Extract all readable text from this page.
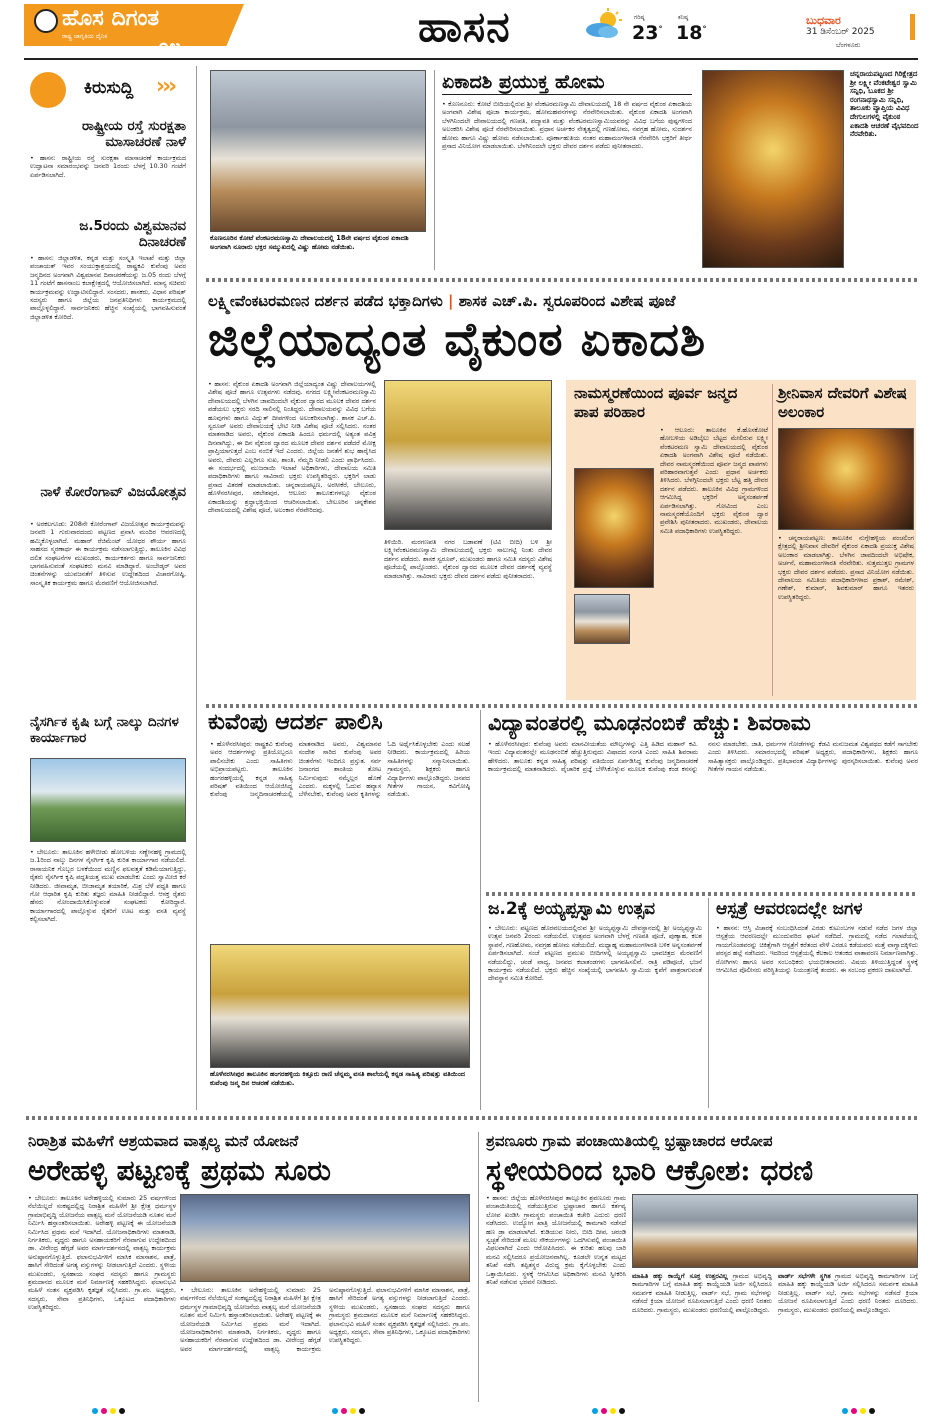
ಹೊಸ ದಿಗಂತ
ರಾಷ್ಟ್ರ ಜಾಗೃತಿಯ ದೈನಿಕ	೦೪	ಹಾಸನ	ಗರಿಷ್ಠ
23°
ಕನಿಷ್ಠ
18°
ಬುಧವಾರ
31 ಡಿಸೆಂಬರ್ 2025
ಬೆಂಗಳೂರು
ಕಿರುಸುದ್ದಿ ›››
ರಾಷ್ಟ್ರೀಯ ರಸ್ತೆ ಸುರಕ್ಷತಾ ಮಾಸಾಚರಣೆ ನಾಳೆ
• ಹಾಸನ: ರಾಷ್ಟ್ರೀಯ ರಸ್ತೆ ಸುರಕ್ಷತಾ ಮಾಸಾಚರಣೆ ಕಾರ್ಯಕ್ರಮದ ಉದ್ಘಾಟನಾ ಸಮಾರಂಭವನ್ನು ಜನವರಿ 1ರಂದು ಬೆಳಗ್ಗೆ 10.30 ಗಂಟೆಗೆ ಏರ್ಪಡಿಸಲಾಗಿದೆ.
ಜ.5ರಂದು ವಿಶ್ವಮಾನವ ದಿನಾಚರಣೆ
• ಹಾಸನ: ಜಿಲ್ಲಾಡಳಿತ, ಕನ್ನಡ ಮತ್ತು ಸಂಸ್ಕೃತಿ ಇಲಾಖೆ ಮತ್ತು ಜಿಲ್ಲಾ ಪಂಚಾಯತ್ ಇವರ ಸಂಯುಕ್ತಾಶ್ರಯದಲ್ಲಿ ರಾಷ್ಟ್ರಕವಿ ಕುವೆಂಪು ಅವರ ಜನ್ಮದಿನದ ಅಂಗವಾಗಿ ವಿಶ್ವಮಾನವ ದಿನಾಚರಣೆಯನ್ನು ಜ.05 ರಂದು ಬೆಳಗ್ಗೆ 11 ಗಂಟೆಗೆ ಹಾಸನಾಂಬ ಕಲಾಕ್ಷೇತ್ರದಲ್ಲಿ ಆಯೋಜಿಸಲಾಗಿದೆ. ಮಾನ್ಯ ಸಚಿವರು ಕಾರ್ಯಕ್ರಮವನ್ನು ಉದ್ಘಾಟಿಸಲಿದ್ದಾರೆ. ಸಂಸದರು, ಶಾಸಕರು, ವಿಧಾನ ಪರಿಷತ್ ಸದಸ್ಯರು ಹಾಗೂ ಜಿಲ್ಲೆಯ ಜನಪ್ರತಿನಿಧಿಗಳು ಕಾರ್ಯಕ್ರಮದಲ್ಲಿ ಪಾಲ್ಗೊಳ್ಳಲಿದ್ದಾರೆ. ಸಾರ್ವಜನಿಕರು ಹೆಚ್ಚಿನ ಸಂಖ್ಯೆಯಲ್ಲಿ ಭಾಗವಹಿಸುವಂತೆ ಜಿಲ್ಲಾಡಳಿತ ಕೋರಿದೆ.
ನಾಳೆ ಕೋರೆಂಗಾವ್ ವಿಜಯೋತ್ಸವ
• ಅರಕಲಗೂಡು: 208ನೇ ಕೋರೆಂಗಾವ್ ವಿಜಯೋತ್ಸವ ಕಾರ್ಯಕ್ರಮವನ್ನು ಜನವರಿ 1 ಗುರುವಾರದಂದು ಪಟ್ಟಣದ ಪ್ರವಾಸಿ ಮಂದಿರ ಆವರಣದಲ್ಲಿ ಹಮ್ಮಿಕೊಳ್ಳಲಾಗಿದೆ. ಮಹಾರ್ ರೆಜಿಮೆಂಟ್ ಯೋಧರ ಶೌರ್ಯ ಹಾಗೂ ಸಾಹಸದ ಸ್ಮರಣಾರ್ಥ ಈ ಕಾರ್ಯಕ್ರಮ ನಡೆಸಲಾಗುತ್ತಿದ್ದು, ತಾಲೂಕಿನ ವಿವಿಧ ದಲಿತ ಸಂಘಟನೆಗಳ ಮುಖಂಡರು, ಕಾರ್ಯಕರ್ತರು ಹಾಗೂ ಸಾರ್ವಜನಿಕರು ಭಾಗವಹಿಸುವಂತೆ ಸಂಘಟಕರು ಮನವಿ ಮಾಡಿದ್ದಾರೆ. ಅಂಬೇಡ್ಕರ್ ಅವರ ಚಿಂತನೆಗಳನ್ನು ಯುವಜನತೆಗೆ ತಿಳಿಸುವ ಉದ್ದೇಶದಿಂದ ವಿಚಾರಗೋಷ್ಠಿ, ಸಾಂಸ್ಕೃತಿಕ ಕಾರ್ಯಕ್ರಮ ಹಾಗೂ ಮೆರವಣಿಗೆ ಆಯೋಜಿಸಲಾಗಿದೆ.
ನೈಸರ್ಗಿಕ ಕೃಷಿ ಬಗ್ಗೆ ನಾಲ್ಕು ದಿನಗಳ ಕಾರ್ಯಾಗಾರ
• ಬೇಲೂರು: ತಾಲೂಕಿನ ಹಳೇಬೀಡು ಹೋಬಳಿಯ ಸಣ್ಣೇನಹಳ್ಳಿ ಗ್ರಾಮದಲ್ಲಿ ಜ.1ರಿಂದ ನಾಲ್ಕು ದಿನಗಳ ನೈಸರ್ಗಿಕ ಕೃಷಿ ಕುರಿತ ಕಾರ್ಯಾಗಾರ ನಡೆಯಲಿದೆ. ರಾಸಾಯನಿಕ ಗೊಬ್ಬರ ಬಳಕೆಯಿಂದ ಮಣ್ಣಿನ ಫಲವತ್ತತೆ ಕಡಿಮೆಯಾಗುತ್ತಿದ್ದು, ರೈತರು ನೈಸರ್ಗಿಕ ಕೃಷಿ ಪದ್ಧತಿಯತ್ತ ಮುಖ ಮಾಡಬೇಕು ಎಂದು ಸ್ವಾಮೀಜಿ ಕರೆ ನೀಡಿದರು. ಜೀವಾಮೃತ, ಬೀಜಾಮೃತ ತಯಾರಿಕೆ, ಮಿಶ್ರ ಬೆಳೆ ಪದ್ಧತಿ ಹಾಗೂ ಗೋ ಆಧಾರಿತ ಕೃಷಿ ಕುರಿತು ತಜ್ಞರು ಮಾಹಿತಿ ನೀಡಲಿದ್ದಾರೆ. ಆಸಕ್ತ ರೈತರು ಹೆಸರು ನೋಂದಾಯಿಸಿಕೊಳ್ಳುವಂತೆ ಸಂಘಟಕರು ಕೋರಿದ್ದಾರೆ. ಕಾರ್ಯಾಗಾರದಲ್ಲಿ ಪಾಲ್ಗೊಳ್ಳುವ ರೈತರಿಗೆ ಊಟ ಮತ್ತು ವಸತಿ ವ್ಯವಸ್ಥೆ ಕಲ್ಪಿಸಲಾಗಿದೆ.
ಕೊಣನೂರಿನ ಕೋಟೆ ವೆಂಕಟರಮಣಸ್ವಾಮಿ ದೇವಾಲಯದಲ್ಲಿ 18ನೇ ವರ್ಷದ ವೈಕುಂಠ ಏಕಾದಶಿ ಅಂಗವಾಗಿ ನೂರಾರು ಭಕ್ತರ ಸಮ್ಮುಖದಲ್ಲಿ ವಿಷ್ಣು ಹೋಮ ನಡೆಯಿತು.
ಏಕಾದಶಿ ಪ್ರಯುಕ್ತ ಹೋಮ
• ಕೊಣನೂರು: ಕೋಟೆ ಬೀದಿಯಲ್ಲಿರುವ ಶ್ರೀ ವೆಂಕಟರಮಣಸ್ವಾಮಿ ದೇವಾಲಯದಲ್ಲಿ 18 ನೇ ವರ್ಷದ ವೈಕುಂಠ ಏಕಾದಶಿಯ ಅಂಗವಾಗಿ ವಿಶೇಷ ಪೂಜಾ ಕಾರ್ಯಕ್ರಮ, ಹೋಮಹವನಗಳನ್ನು ನೆರವೇರಿಸಲಾಯಿತು. ವೈಕುಂಠ ಏಕಾದಶಿ ಅಂಗವಾಗಿ ಬೆಳಗಿನಿಂದಲೇ ದೇವಾಲಯದಲ್ಲಿ ಗಣಪತಿ, ಪದ್ಮಾವತಿ ಮತ್ತು ವೆಂಕಟರಮಣಸ್ವಾಮಿಯವರನ್ನು ವಿವಿಧ ಬಗೆಯ ಪುಷ್ಪಗಳಿಂದ ಅಲಂಕರಿಸಿ ವಿಶೇಷ ಪೂಜೆ ನೆರವೇರಿಸಲಾಯಿತು. ಪ್ರಧಾನ ಅರ್ಚಕರ ನೇತೃತ್ವದಲ್ಲಿ ಗಣಹೋಮ, ನವಗ್ರಹ ಹೋಮ, ಸುದರ್ಶನ ಹೋಮ ಹಾಗೂ ವಿಷ್ಣು ಹೋಮ ನಡೆಸಲಾಯಿತು. ಪೂರ್ಣಾಹುತಿಯ ನಂತರ ಮಹಾಮಂಗಳಾರತಿ ನೆರವೇರಿಸಿ ಭಕ್ತರಿಗೆ ತೀರ್ಥ ಪ್ರಸಾದ ವಿನಿಯೋಗ ಮಾಡಲಾಯಿತು. ಬೆಳಗಿನಿಂದಲೇ ಭಕ್ತರು ದೇವರ ದರ್ಶನ ಪಡೆದು ಪುನೀತರಾದರು.
ಚನ್ನರಾಯಪಟ್ಟಣದ ಗಿರಿಕ್ಷೇತ್ರದ ಶ್ರೀ ಲಕ್ಷ್ಮೀ ವೆಂಕಟೇಶ್ವರ ಸ್ವಾಮಿ ಸನ್ನಿಧಿ, ಬೂಕದ ಶ್ರೀ ರಂಗನಾಥಸ್ವಾಮಿ ಸನ್ನಿಧಿ, ತಾಲೂಕು ವ್ಯಾಪ್ತಿಯ ವಿವಿಧ ದೇಗುಲಗಳಲ್ಲಿ ವೈಕುಂಠ ಏಕಾದಶಿ ಆಚರಣೆ ವೈಭವದಿಂದ ನೆರವೇರಿತು.
ಲಕ್ಷ್ಮೀವೆಂಕಟರಮಣನ ದರ್ಶನ ಪಡೆದ ಭಕ್ತಾದಿಗಳು | ಶಾಸಕ ಎಚ್.ಪಿ. ಸ್ವರೂಪರಿಂದ ವಿಶೇಷ ಪೂಜೆ
ಜಿಲ್ಲೆಯಾದ್ಯಂತ ವೈಕುಂಠ ಏಕಾದಶಿ
• ಹಾಸನ: ವೈಕುಂಠ ಏಕಾದಶಿ ಅಂಗವಾಗಿ ಜಿಲ್ಲೆಯಾದ್ಯಂತ ವಿಷ್ಣು ದೇವಾಲಯಗಳಲ್ಲಿ ವಿಶೇಷ ಪೂಜೆ ಹಾಗೂ ಉತ್ಸವಗಳು ನಡೆದವು. ನಗರದ ಲಕ್ಷ್ಮೀವೆಂಕಟರಮಣಸ್ವಾಮಿ ದೇವಾಲಯದಲ್ಲಿ ಬೆಳಗಿನ ಜಾವದಿಂದಲೇ ವೈಕುಂಠ ದ್ವಾರದ ಮೂಲಕ ದೇವರ ದರ್ಶನ ಪಡೆಯಲು ಭಕ್ತರು ಸರದಿ ಸಾಲಿನಲ್ಲಿ ನಿಂತಿದ್ದರು. ದೇವಾಲಯವನ್ನು ವಿವಿಧ ಬಗೆಯ ಹೂವುಗಳು ಹಾಗೂ ವಿದ್ಯುತ್ ದೀಪಗಳಿಂದ ಅಲಂಕರಿಸಲಾಗಿತ್ತು. ಶಾಸಕ ಎಚ್.ಪಿ. ಸ್ವರೂಪ್ ಅವರು ದೇವಾಲಯಕ್ಕೆ ಭೇಟಿ ನೀಡಿ ವಿಶೇಷ ಪೂಜೆ ಸಲ್ಲಿಸಿದರು. ನಂತರ ಮಾತನಾಡಿದ ಅವರು, ವೈಕುಂಠ ಏಕಾದಶಿ ಹಿಂದೂ ಧರ್ಮದಲ್ಲಿ ಅತ್ಯಂತ ಪವಿತ್ರ ದಿನವಾಗಿದ್ದು, ಈ ದಿನ ವೈಕುಂಠ ದ್ವಾರದ ಮೂಲಕ ದೇವರ ದರ್ಶನ ಪಡೆದರೆ ಮೋಕ್ಷ ಪ್ರಾಪ್ತಿಯಾಗುತ್ತದೆ ಎಂಬ ನಂಬಿಕೆ ಇದೆ ಎಂದರು. ಜಿಲ್ಲೆಯ ಜನತೆಗೆ ಶುಭ ಹಾರೈಸಿದ ಅವರು, ದೇವರು ಎಲ್ಲರಿಗೂ ಸುಖ, ಶಾಂತಿ, ನೆಮ್ಮದಿ ನೀಡಲಿ ಎಂದು ಪ್ರಾರ್ಥಿಸಿದರು. ಈ ಸಂದರ್ಭದಲ್ಲಿ ಮುಜರಾಯಿ ಇಲಾಖೆ ಅಧಿಕಾರಿಗಳು, ದೇವಾಲಯ ಸಮಿತಿ ಪದಾಧಿಕಾರಿಗಳು ಹಾಗೂ ಸಾವಿರಾರು ಭಕ್ತರು ಉಪಸ್ಥಿತರಿದ್ದರು. ಭಕ್ತರಿಗೆ ಲಾಡು ಪ್ರಸಾದ ವಿತರಣೆ ಮಾಡಲಾಯಿತು. ಚನ್ನರಾಯಪಟ್ಟಣ, ಅರಸೀಕೆರೆ, ಬೇಲೂರು, ಹೊಳೆನರಸೀಪುರ, ಸಕಲೇಶಪುರ, ಆಲೂರು ತಾಲೂಕುಗಳಲ್ಲೂ ವೈಕುಂಠ ಏಕಾದಶಿಯನ್ನು ಶ್ರದ್ಧಾಭಕ್ತಿಯಿಂದ ಆಚರಿಸಲಾಯಿತು. ಬೇಲೂರಿನ ಚನ್ನಕೇಶವ ದೇವಾಲಯದಲ್ಲಿ ವಿಶೇಷ ಪೂಜೆ, ಅಲಂಕಾರ ನೆರವೇರಿದವು.
ತಿಳಿಯಿರಿ. ಮರಗಣಪತಿ ನಗರ ಬಡಾವಣೆ (ಟಿವಿ ಬೀದಿ) ಬಳಿ ಶ್ರೀ ಲಕ್ಷ್ಮೀವೆಂಕಟರಮಣಸ್ವಾಮಿ ದೇವಾಲಯದಲ್ಲಿ ಭಕ್ತರು ಸಾಲುಗಟ್ಟಿ ನಿಂತು ದೇವರ ದರ್ಶನ ಪಡೆದರು. ಶಾಸಕ ಸ್ವರೂಪ್, ಮುಖಂಡರು ಹಾಗೂ ಸಮಿತಿ ಸದಸ್ಯರು ವಿಶೇಷ ಪೂಜೆಯಲ್ಲಿ ಪಾಲ್ಗೊಂಡರು. ವೈಕುಂಠ ದ್ವಾರದ ಮೂಲಕ ದೇವರ ದರ್ಶನಕ್ಕೆ ವ್ಯವಸ್ಥೆ ಮಾಡಲಾಗಿತ್ತು. ಸಾವಿರಾರು ಭಕ್ತರು ದೇವರ ದರ್ಶನ ಪಡೆದು ಪುನೀತರಾದರು.
ನಾಮಸ್ಮರಣೆಯಿಂದ ಪೂರ್ವ ಜನ್ಮದ ಪಾಪ ಪರಿಹಾರ
• ಆಲೂರು: ತಾಲೂಕಿನ ಕೆ.ಹೊಸಕೋಟೆ ಹೋಬಳಿಯ ಅಡಿಬೈಲು ಬೆಟ್ಟದ ಮೇಲಿರುವ ಲಕ್ಷ್ಮೀ ವೆಂಕಟರಮಣ ಸ್ವಾಮಿ ದೇವಾಲಯದಲ್ಲಿ ವೈಕುಂಠ ಏಕಾದಶಿ ಅಂಗವಾಗಿ ವಿಶೇಷ ಪೂಜೆ ನಡೆಯಿತು. ದೇವರ ನಾಮಸ್ಮರಣೆಯಿಂದ ಪೂರ್ವ ಜನ್ಮದ ಪಾಪಗಳು ಪರಿಹಾರವಾಗುತ್ತವೆ ಎಂದು ಪ್ರಧಾನ ಅರ್ಚಕರು ತಿಳಿಸಿದರು. ಬೆಳಗ್ಗಿನಿಂದಲೇ ಭಕ್ತರು ಬೆಟ್ಟ ಹತ್ತಿ ದೇವರ ದರ್ಶನ ಪಡೆದರು. ತಾಲೂಕಿನ ವಿವಿಧ ಗ್ರಾಮಗಳಿಂದ ಆಗಮಿಸಿದ್ದ ಭಕ್ತರಿಗೆ ಅನ್ನಸಂತರ್ಪಣೆ ಏರ್ಪಡಿಸಲಾಗಿತ್ತು. ಗೋವಿಂದ ಎಂಬ ನಾಮಸ್ಮರಣೆಯೊಂದಿಗೆ ಭಕ್ತರು ವೈಕುಂಠ ದ್ವಾರ ಪ್ರವೇಶಿಸಿ ಪುನೀತರಾದರು. ಮುಖಂಡರು, ದೇವಾಲಯ ಸಮಿತಿ ಪದಾಧಿಕಾರಿಗಳು ಉಪಸ್ಥಿತರಿದ್ದರು.
ಶ್ರೀನಿವಾಸ ದೇವರಿಗೆ ವಿಶೇಷ ಅಲಂಕಾರ
• ಚನ್ನರಾಯಪಟ್ಟಣ: ತಾಲೂಕಿನ ನುಗ್ಗೇಹಳ್ಳಿಯ ಪಂಚಲಿಂಗ ಕ್ಷೇತ್ರದಲ್ಲಿ ಶ್ರೀನಿವಾಸ ದೇವರಿಗೆ ವೈಕುಂಠ ಏಕಾದಶಿ ಪ್ರಯುಕ್ತ ವಿಶೇಷ ಅಲಂಕಾರ ಮಾಡಲಾಗಿತ್ತು. ಬೆಳಗಿನ ಜಾವದಿಂದಲೇ ಅಭಿಷೇಕ, ಅರ್ಚನೆ, ಮಹಾಮಂಗಳಾರತಿ ನೆರವೇರಿತು. ಸುತ್ತಮುತ್ತಲ ಗ್ರಾಮಗಳ ಭಕ್ತರು ದೇವರ ದರ್ಶನ ಪಡೆದರು. ಪ್ರಸಾದ ವಿನಿಯೋಗ ನಡೆಯಿತು. ದೇವಾಲಯ ಸಮಿತಿಯ ಪದಾಧಿಕಾರಿಗಳಾದ ಪ್ರಕಾಶ್, ರಮೇಶ್, ಗಣೇಶ್, ಕುಮಾರ್, ಶಿವಕುಮಾರ್ ಹಾಗೂ ಇತರರು ಉಪಸ್ಥಿತರಿದ್ದರು.
ಕುವೆಂಪು ಆದರ್ಶ ಪಾಲಿಸಿ
• ಹೊಳೆನರಸೀಪುರ: ರಾಷ್ಟ್ರಕವಿ ಕುವೆಂಪು ಅವರ ಆದರ್ಶಗಳನ್ನು ಪ್ರತಿಯೊಬ್ಬರೂ ಪಾಲಿಸಬೇಕು ಎಂದು ಸಾಹಿತಿಗಳು ಅಭಿಪ್ರಾಯಪಟ್ಟರು. ತಾಲೂಕಿನ ಹಂಗರಹಳ್ಳಿಯಲ್ಲಿ ಕನ್ನಡ ಸಾಹಿತ್ಯ ಪರಿಷತ್ ವತಿಯಿಂದ ಆಯೋಜಿಸಿದ್ದ ಕುವೆಂಪು ಜನ್ಮದಿನಾಚರಣೆಯಲ್ಲಿ ಮಾತನಾಡಿದ ಅವರು, ವಿಶ್ವಮಾನವ ಸಂದೇಶ ಸಾರಿದ ಕುವೆಂಪು ಅವರ ಚಿಂತನೆಗಳು ಇಂದಿಗೂ ಪ್ರಸ್ತುತ. ಸರ್ವ ಜನಾಂಗದ ಶಾಂತಿಯ ತೋಟ ನಿರ್ಮಿಸುವುದು ನಮ್ಮೆಲ್ಲರ ಹೊಣೆ ಎಂದರು. ಮಕ್ಕಳಲ್ಲಿ ಓದುವ ಹವ್ಯಾಸ ಬೆಳೆಸಬೇಕು, ಕುವೆಂಪು ಅವರ ಕೃತಿಗಳನ್ನು ಓದಿ ಅರ್ಥೈಸಿಕೊಳ್ಳಬೇಕು ಎಂದು ಸಲಹೆ ನೀಡಿದರು. ಕಾರ್ಯಕ್ರಮದಲ್ಲಿ ಹಿರಿಯ ಸಾಹಿತಿಗಳನ್ನು ಸನ್ಮಾನಿಸಲಾಯಿತು. ಗ್ರಾಮಸ್ಥರು, ಶಿಕ್ಷಕರು ಹಾಗೂ ವಿದ್ಯಾರ್ಥಿಗಳು ಪಾಲ್ಗೊಂಡಿದ್ದರು. ಜನಪದ ಗೀತೆಗಳ ಗಾಯನ, ಕವಿಗೋಷ್ಠಿ ನಡೆಯಿತು.
ಹೊಳೆನರಸೀಪುರ ತಾಲೂಕಿನ ಹಂಗರಹಳ್ಳಿಯ ಕಿತ್ತೂರು ರಾಣಿ ಚೆನ್ನಮ್ಮ ವಸತಿ ಶಾಲೆಯಲ್ಲಿ ಕನ್ನಡ ಸಾಹಿತ್ಯ ಪರಿಷತ್ತು ವತಿಯಿಂದ ಕುವೆಂಪು ಜನ್ಮ ದಿನ ಆಚರಣೆ ನಡೆಯಿತು.
ವಿದ್ಯಾವಂತರಲ್ಲಿ ಮೂಢನಂಬಿಕೆ ಹೆಚ್ಚು: ಶಿವರಾಮ
• ಹೊಳೆನರಸೀಪುರ: ಕುವೆಂಪು ಅವರು ಮಾನವೀಯತೆಯ ಮೌಲ್ಯಗಳನ್ನು ಎತ್ತಿ ಹಿಡಿದ ಮಹಾನ್ ಕವಿ. ಇಂದು ವಿದ್ಯಾವಂತರಲ್ಲೇ ಮೂಢನಂಬಿಕೆ ಹೆಚ್ಚುತ್ತಿರುವುದು ವಿಷಾದದ ಸಂಗತಿ ಎಂದು ಸಾಹಿತಿ ಶಿವರಾಮ ಹೇಳಿದರು. ತಾಲೂಕು ಕನ್ನಡ ಸಾಹಿತ್ಯ ಪರಿಷತ್ತು ವತಿಯಿಂದ ಏರ್ಪಡಿಸಿದ್ದ ಕುವೆಂಪು ಜನ್ಮದಿನಾಚರಣೆ ಕಾರ್ಯಕ್ರಮದಲ್ಲಿ ಮಾತನಾಡಿದರು. ವೈಚಾರಿಕ ಪ್ರಜ್ಞೆ ಬೆಳೆಸಿಕೊಳ್ಳುವ ಮೂಲಕ ಕುವೆಂಪು ಕಂಡ ಕನಸನ್ನು ನನಸು ಮಾಡಬೇಕು. ಜಾತಿ, ಧರ್ಮಗಳ ಗೋಡೆಗಳನ್ನು ಕೆಡವಿ ಮನುಜಮತ ವಿಶ್ವಪಥದ ಕಡೆಗೆ ಸಾಗಬೇಕು ಎಂದು ತಿಳಿಸಿದರು. ಸಮಾರಂಭದಲ್ಲಿ ಪರಿಷತ್ ಅಧ್ಯಕ್ಷರು, ಪದಾಧಿಕಾರಿಗಳು, ಶಿಕ್ಷಕರು ಹಾಗೂ ಸಾಹಿತ್ಯಾಸಕ್ತರು ಪಾಲ್ಗೊಂಡಿದ್ದರು. ಪ್ರತಿಭಾವಂತ ವಿದ್ಯಾರ್ಥಿಗಳನ್ನು ಪುರಸ್ಕರಿಸಲಾಯಿತು. ಕುವೆಂಪು ಅವರ ಗೀತೆಗಳ ಗಾಯನ ನಡೆಯಿತು.
ಜ.2ಕ್ಕೆ ಅಯ್ಯಪ್ಪಸ್ವಾಮಿ ಉತ್ಸವ
• ಬೇಲೂರು: ಪಟ್ಟಣದ ಹೊರವಲಯದಲ್ಲಿರುವ ಶ್ರೀ ಅಯ್ಯಪ್ಪಸ್ವಾಮಿ ದೇವಸ್ಥಾನದಲ್ಲಿ ಶ್ರೀ ಅಯ್ಯಪ್ಪಸ್ವಾಮಿ ಉತ್ಸವ ಜನವರಿ 2ರಂದು ನಡೆಯಲಿದೆ. ಉತ್ಸವದ ಅಂಗವಾಗಿ ಬೆಳಗ್ಗೆ ಗಣಪತಿ ಪೂಜೆ, ಪುಣ್ಯಾಹ, ಕಲಶ ಸ್ಥಾಪನೆ, ಗಣಹೋಮ, ನವಗ್ರಹ ಹೋಮ ನಡೆಯಲಿದೆ. ಮಧ್ಯಾಹ್ನ ಮಹಾಮಂಗಳಾರತಿ ಬಳಿಕ ಅನ್ನಸಂತರ್ಪಣೆ ಏರ್ಪಡಿಸಲಾಗಿದೆ. ಸಂಜೆ ಪಟ್ಟಣದ ಪ್ರಮುಖ ಬೀದಿಗಳಲ್ಲಿ ಅಯ್ಯಪ್ಪಸ್ವಾಮಿ ಭಾವಚಿತ್ರದ ಮೆರವಣಿಗೆ ನಡೆಯಲಿದ್ದು, ಚಂಡೆ ವಾದ್ಯ, ಜನಪದ ಕಲಾತಂಡಗಳು ಭಾಗವಹಿಸಲಿವೆ. ರಾತ್ರಿ ಪಡಿಪೂಜೆ, ಭಜನೆ ಕಾರ್ಯಕ್ರಮ ನಡೆಯಲಿದೆ. ಭಕ್ತರು ಹೆಚ್ಚಿನ ಸಂಖ್ಯೆಯಲ್ಲಿ ಭಾಗವಹಿಸಿ ಸ್ವಾಮಿಯ ಕೃಪೆಗೆ ಪಾತ್ರರಾಗುವಂತೆ ದೇವಸ್ಥಾನ ಸಮಿತಿ ಕೋರಿದೆ.
ಆಸ್ಪತ್ರೆ ಆವರಣದಲ್ಲೇ ಜಗಳ
• ಹಾಸನ: ಆಸ್ತಿ ವಿಚಾರಕ್ಕೆ ಸಂಬಂಧಿಸಿದಂತೆ ಎರಡು ಕುಟುಂಬಗಳ ನಡುವೆ ನಡೆದ ಜಗಳ ಜಿಲ್ಲಾ ಆಸ್ಪತ್ರೆಯ ಆವರಣದಲ್ಲೇ ಮುಂದುವರಿದ ಘಟನೆ ನಡೆದಿದೆ. ಗ್ರಾಮದಲ್ಲಿ ನಡೆದ ಗಲಾಟೆಯಲ್ಲಿ ಗಾಯಗೊಂಡವರನ್ನು ಚಿಕಿತ್ಸೆಗಾಗಿ ಆಸ್ಪತ್ರೆಗೆ ಕರೆತಂದ ವೇಳೆ ಎರಡೂ ಕಡೆಯವರು ಮತ್ತೆ ವಾಗ್ವಾದಕ್ಕಿಳಿದು ಪರಸ್ಪರ ಹಲ್ಲೆ ನಡೆಸಿದರು. ಇದರಿಂದ ಆಸ್ಪತ್ರೆಯಲ್ಲಿ ಕೆಲಕಾಲ ಆತಂಕದ ವಾತಾವರಣ ನಿರ್ಮಾಣವಾಗಿತ್ತು. ರೋಗಿಗಳು ಹಾಗೂ ಅವರ ಸಂಬಂಧಿಕರು ಭಯಭೀತರಾದರು. ವಿಷಯ ತಿಳಿಯುತ್ತಿದ್ದಂತೆ ಸ್ಥಳಕ್ಕೆ ಆಗಮಿಸಿದ ಪೊಲೀಸರು ಪರಿಸ್ಥಿತಿಯನ್ನು ನಿಯಂತ್ರಣಕ್ಕೆ ತಂದರು. ಈ ಸಂಬಂಧ ಪ್ರಕರಣ ದಾಖಲಾಗಿದೆ.
ನಿರಾಶ್ರಿತ ಮಹಿಳೆಗೆ ಆಶ್ರಯವಾದ ವಾತ್ಸಲ್ಯ ಮನೆ ಯೋಜನೆ
ಅರೇಹಳ್ಳಿ ಪಟ್ಟಣಕ್ಕೆ ಪ್ರಥಮ ಸೂರು
• ಬೇಲೂರು: ತಾಲೂಕಿನ ಅರೇಹಳ್ಳಿಯಲ್ಲಿ ಸುಮಾರು 25 ವರ್ಷಗಳಿಂದ ನೆಲೆಯಿಲ್ಲದೆ ಸಂಕಷ್ಟದಲ್ಲಿದ್ದ ನಿರಾಶ್ರಿತ ಮಹಿಳೆಗೆ ಶ್ರೀ ಕ್ಷೇತ್ರ ಧರ್ಮಸ್ಥಳ ಗ್ರಾಮಾಭಿವೃದ್ಧಿ ಯೋಜನೆಯ ವಾತ್ಸಲ್ಯ ಮನೆ ಯೋಜನೆಯಡಿ ನೂತನ ಮನೆ ನಿರ್ಮಿಸಿ ಹಸ್ತಾಂತರಿಸಲಾಯಿತು. ಅರೇಹಳ್ಳಿ ಪಟ್ಟಣಕ್ಕೆ ಈ ಯೋಜನೆಯಡಿ ನಿರ್ಮಿಸಿದ ಪ್ರಥಮ ಮನೆ ಇದಾಗಿದೆ. ಯೋಜನಾಧಿಕಾರಿಗಳು ಮಾತನಾಡಿ, ನಿರ್ಗತಿಕರು, ವೃದ್ಧರು ಹಾಗೂ ಅಸಹಾಯಕರಿಗೆ ನೆರವಾಗುವ ಉದ್ದೇಶದಿಂದ ಡಾ. ವೀರೇಂದ್ರ ಹೆಗ್ಗಡೆ ಅವರ ಮಾರ್ಗದರ್ಶನದಲ್ಲಿ ವಾತ್ಸಲ್ಯ ಕಾರ್ಯಕ್ರಮ ಅನುಷ್ಠಾನಗೊಳ್ಳುತ್ತಿದೆ. ಫಲಾನುಭವಿಗಳಿಗೆ ಮಾಸಿಕ ಮಾಸಾಶನ, ಪಾತ್ರೆ, ಹಾಸಿಗೆ ಸೇರಿದಂತೆ ಅಗತ್ಯ ವಸ್ತುಗಳನ್ನು ನೀಡಲಾಗುತ್ತಿದೆ ಎಂದರು. ಸ್ಥಳೀಯ ಮುಖಂಡರು, ಸ್ವಸಹಾಯ ಸಂಘದ ಸದಸ್ಯರು ಹಾಗೂ ಗ್ರಾಮಸ್ಥರು ಶ್ರಮದಾನದ ಮೂಲಕ ಮನೆ ನಿರ್ಮಾಣಕ್ಕೆ ಸಹಕರಿಸಿದ್ದರು. ಫಲಾನುಭವಿ ಮಹಿಳೆ ಸಂತಸ ವ್ಯಕ್ತಪಡಿಸಿ ಕೃತಜ್ಞತೆ ಸಲ್ಲಿಸಿದರು. ಗ್ರಾ.ಪಂ. ಅಧ್ಯಕ್ಷರು, ಸದಸ್ಯರು, ಸೇವಾ ಪ್ರತಿನಿಧಿಗಳು, ಒಕ್ಕೂಟದ ಪದಾಧಿಕಾರಿಗಳು ಉಪಸ್ಥಿತರಿದ್ದರು.
• ಬೇಲೂರು: ತಾಲೂಕಿನ ಅರೇಹಳ್ಳಿಯಲ್ಲಿ ಸುಮಾರು 25 ವರ್ಷಗಳಿಂದ ನೆಲೆಯಿಲ್ಲದೆ ಸಂಕಷ್ಟದಲ್ಲಿದ್ದ ನಿರಾಶ್ರಿತ ಮಹಿಳೆಗೆ ಶ್ರೀ ಕ್ಷೇತ್ರ ಧರ್ಮಸ್ಥಳ ಗ್ರಾಮಾಭಿವೃದ್ಧಿ ಯೋಜನೆಯ ವಾತ್ಸಲ್ಯ ಮನೆ ಯೋಜನೆಯಡಿ ನೂತನ ಮನೆ ನಿರ್ಮಿಸಿ ಹಸ್ತಾಂತರಿಸಲಾಯಿತು. ಅರೇಹಳ್ಳಿ ಪಟ್ಟಣಕ್ಕೆ ಈ ಯೋಜನೆಯಡಿ ನಿರ್ಮಿಸಿದ ಪ್ರಥಮ ಮನೆ ಇದಾಗಿದೆ. ಯೋಜನಾಧಿಕಾರಿಗಳು ಮಾತನಾಡಿ, ನಿರ್ಗತಿಕರು, ವೃದ್ಧರು ಹಾಗೂ ಅಸಹಾಯಕರಿಗೆ ನೆರವಾಗುವ ಉದ್ದೇಶದಿಂದ ಡಾ. ವೀರೇಂದ್ರ ಹೆಗ್ಗಡೆ ಅವರ ಮಾರ್ಗದರ್ಶನದಲ್ಲಿ ವಾತ್ಸಲ್ಯ ಕಾರ್ಯಕ್ರಮ ಅನುಷ್ಠಾನಗೊಳ್ಳುತ್ತಿದೆ. ಫಲಾನುಭವಿಗಳಿಗೆ ಮಾಸಿಕ ಮಾಸಾಶನ, ಪಾತ್ರೆ, ಹಾಸಿಗೆ ಸೇರಿದಂತೆ ಅಗತ್ಯ ವಸ್ತುಗಳನ್ನು ನೀಡಲಾಗುತ್ತಿದೆ ಎಂದರು. ಸ್ಥಳೀಯ ಮುಖಂಡರು, ಸ್ವಸಹಾಯ ಸಂಘದ ಸದಸ್ಯರು ಹಾಗೂ ಗ್ರಾಮಸ್ಥರು ಶ್ರಮದಾನದ ಮೂಲಕ ಮನೆ ನಿರ್ಮಾಣಕ್ಕೆ ಸಹಕರಿಸಿದ್ದರು. ಫಲಾನುಭವಿ ಮಹಿಳೆ ಸಂತಸ ವ್ಯಕ್ತಪಡಿಸಿ ಕೃತಜ್ಞತೆ ಸಲ್ಲಿಸಿದರು. ಗ್ರಾ.ಪಂ. ಅಧ್ಯಕ್ಷರು, ಸದಸ್ಯರು, ಸೇವಾ ಪ್ರತಿನಿಧಿಗಳು, ಒಕ್ಕೂಟದ ಪದಾಧಿಕಾರಿಗಳು ಉಪಸ್ಥಿತರಿದ್ದರು.
ಶ್ರವಣೂರು ಗ್ರಾಮ ಪಂಚಾಯಿತಿಯಲ್ಲಿ ಭ್ರಷ್ಟಾಚಾರದ ಆರೋಪ
ಸ್ಥಳೀಯರಿಂದ ಭಾರಿ ಆಕ್ರೋಶ: ಧರಣಿ
• ಹಾಸನ: ಜಿಲ್ಲೆಯ ಹೊಳೆನರಸೀಪುರ ತಾಲ್ಲೂಕಿನ ಶ್ರವಣೂರು ಗ್ರಾಮ ಪಂಚಾಯಿತಿಯಲ್ಲಿ ನಡೆಯುತ್ತಿರುವ ಭ್ರಷ್ಟಾಚಾರ ಹಾಗೂ ಕರ್ತವ್ಯ ಲೋಪ ಖಂಡಿಸಿ ಗ್ರಾಮಸ್ಥರು ಪಂಚಾಯಿತಿ ಕಚೇರಿ ಎದುರು ಧರಣಿ ನಡೆಸಿದರು. ಉದ್ಯೋಗ ಖಾತ್ರಿ ಯೋಜನೆಯಲ್ಲಿ ಕಾಮಗಾರಿ ನಡೆಸದೆ ಹಣ ಡ್ರಾ ಮಾಡಲಾಗಿದೆ. ಕುಡಿಯುವ ನೀರು, ಬೀದಿ ದೀಪ, ಚರಂಡಿ ಸ್ವಚ್ಛತೆ ಸೇರಿದಂತೆ ಮೂಲ ಸೌಕರ್ಯಗಳನ್ನು ಒದಗಿಸುವಲ್ಲಿ ಪಂಚಾಯಿತಿ ವಿಫಲವಾಗಿದೆ ಎಂದು ಆರೋಪಿಸಿದರು. ಈ ಕುರಿತು ಹಲವು ಬಾರಿ ಮನವಿ ಸಲ್ಲಿಸಿದರೂ ಪ್ರಯೋಜನವಾಗಿಲ್ಲ. ಕೂಡಲೇ ಉನ್ನತ ಮಟ್ಟದ ತನಿಖೆ ನಡೆಸಿ ತಪ್ಪಿತಸ್ಥರ ವಿರುದ್ಧ ಕ್ರಮ ಕೈಗೊಳ್ಳಬೇಕು ಎಂದು ಒತ್ತಾಯಿಸಿದರು. ಸ್ಥಳಕ್ಕೆ ಆಗಮಿಸಿದ ಅಧಿಕಾರಿಗಳು ಮನವಿ ಸ್ವೀಕರಿಸಿ ತನಿಖೆ ನಡೆಸುವ ಭರವಸೆ ನೀಡಿದರು.
ಮಾಹಿತಿ ಹಕ್ಕು ಕಾಯ್ದೆಗೆ ಸೂಕ್ತ ಉತ್ತರವಿಲ್ಲ ಗ್ರಾಮದ ಅಭಿವೃದ್ಧಿ ಕಾಮಗಾರಿಗಳ ಬಗ್ಗೆ ಮಾಹಿತಿ ಹಕ್ಕು ಕಾಯ್ದೆಯಡಿ ಅರ್ಜಿ ಸಲ್ಲಿಸಿದರೂ ಸಮರ್ಪಕ ಮಾಹಿತಿ ನೀಡುತ್ತಿಲ್ಲ. ವಾರ್ಡ್ ಸಭೆ, ಗ್ರಾಮ ಸಭೆಗಳನ್ನು ನಡೆಸದೆ ಕ್ರಿಯಾ ಯೋಜನೆ ರೂಪಿಸಲಾಗುತ್ತಿದೆ ಎಂದು ಧರಣಿ ನಿರತರು ದೂರಿದರು. ಗ್ರಾಮಸ್ಥರು, ಮುಖಂಡರು ಧರಣಿಯಲ್ಲಿ ಪಾಲ್ಗೊಂಡಿದ್ದರು.
ವಾರ್ಡ್ ಸಭೆಗಳೇ ಸ್ಥಗಿತ ಗ್ರಾಮದ ಅಭಿವೃದ್ಧಿ ಕಾಮಗಾರಿಗಳ ಬಗ್ಗೆ ಮಾಹಿತಿ ಹಕ್ಕು ಕಾಯ್ದೆಯಡಿ ಅರ್ಜಿ ಸಲ್ಲಿಸಿದರೂ ಸಮರ್ಪಕ ಮಾಹಿತಿ ನೀಡುತ್ತಿಲ್ಲ. ವಾರ್ಡ್ ಸಭೆ, ಗ್ರಾಮ ಸಭೆಗಳನ್ನು ನಡೆಸದೆ ಕ್ರಿಯಾ ಯೋಜನೆ ರೂಪಿಸಲಾಗುತ್ತಿದೆ ಎಂದು ಧರಣಿ ನಿರತರು ದೂರಿದರು. ಗ್ರಾಮಸ್ಥರು, ಮುಖಂಡರು ಧರಣಿಯಲ್ಲಿ ಪಾಲ್ಗೊಂಡಿದ್ದರು.
